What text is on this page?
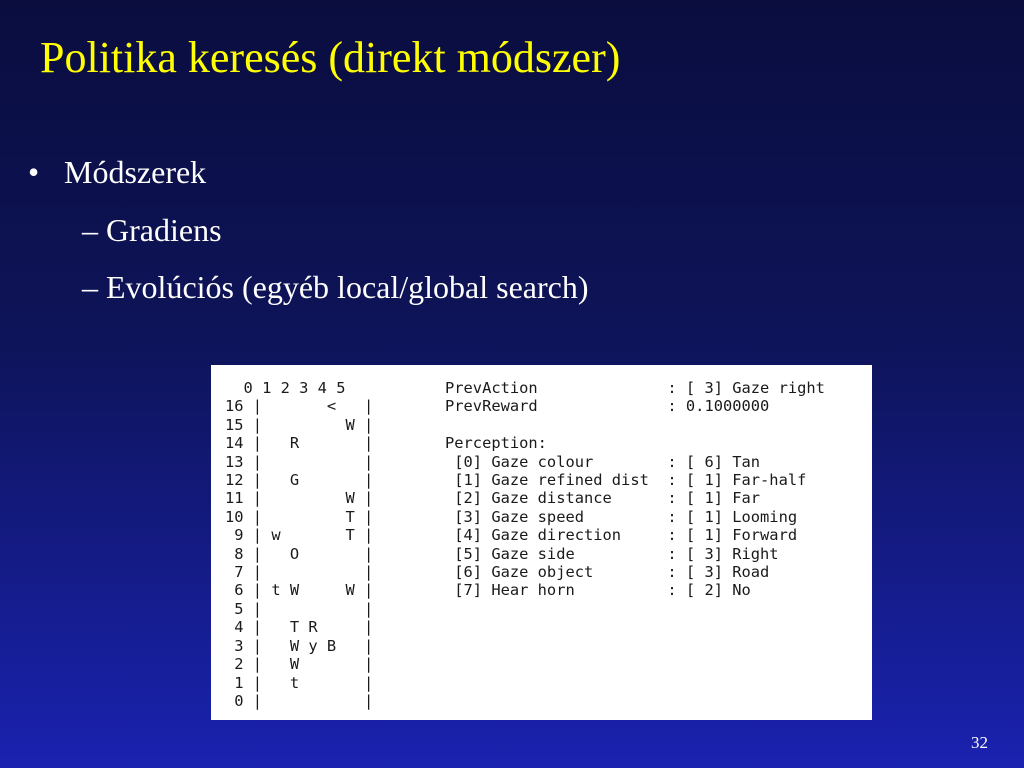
Politika keresés (direkt módszer)
• Módszerek
– Gradiens
– Evolúciós (egyéb local/global search)
0 1 2 3 4 5
16 |       <   |
15 |         W |
14 |   R       |
13 |           |
12 |   G       |
11 |         W |
10 |         T |
9 | w       T |
8 |   O       |
7 |           |
6 | t W     W |
5 |           |
4 |   T R     |
3 |   W y B   |
2 |   W       |
1 |   t       |
0 |           |
PrevAction              : [ 3] Gaze right
PrevReward              : 0.1000000

Perception:
[0] Gaze colour        : [ 6] Tan
[1] Gaze refined dist  : [ 1] Far-half
[2] Gaze distance      : [ 1] Far
[3] Gaze speed         : [ 1] Looming
[4] Gaze direction     : [ 1] Forward
[5] Gaze side          : [ 3] Right
[6] Gaze object        : [ 3] Road
[7] Hear horn          : [ 2] No
32
